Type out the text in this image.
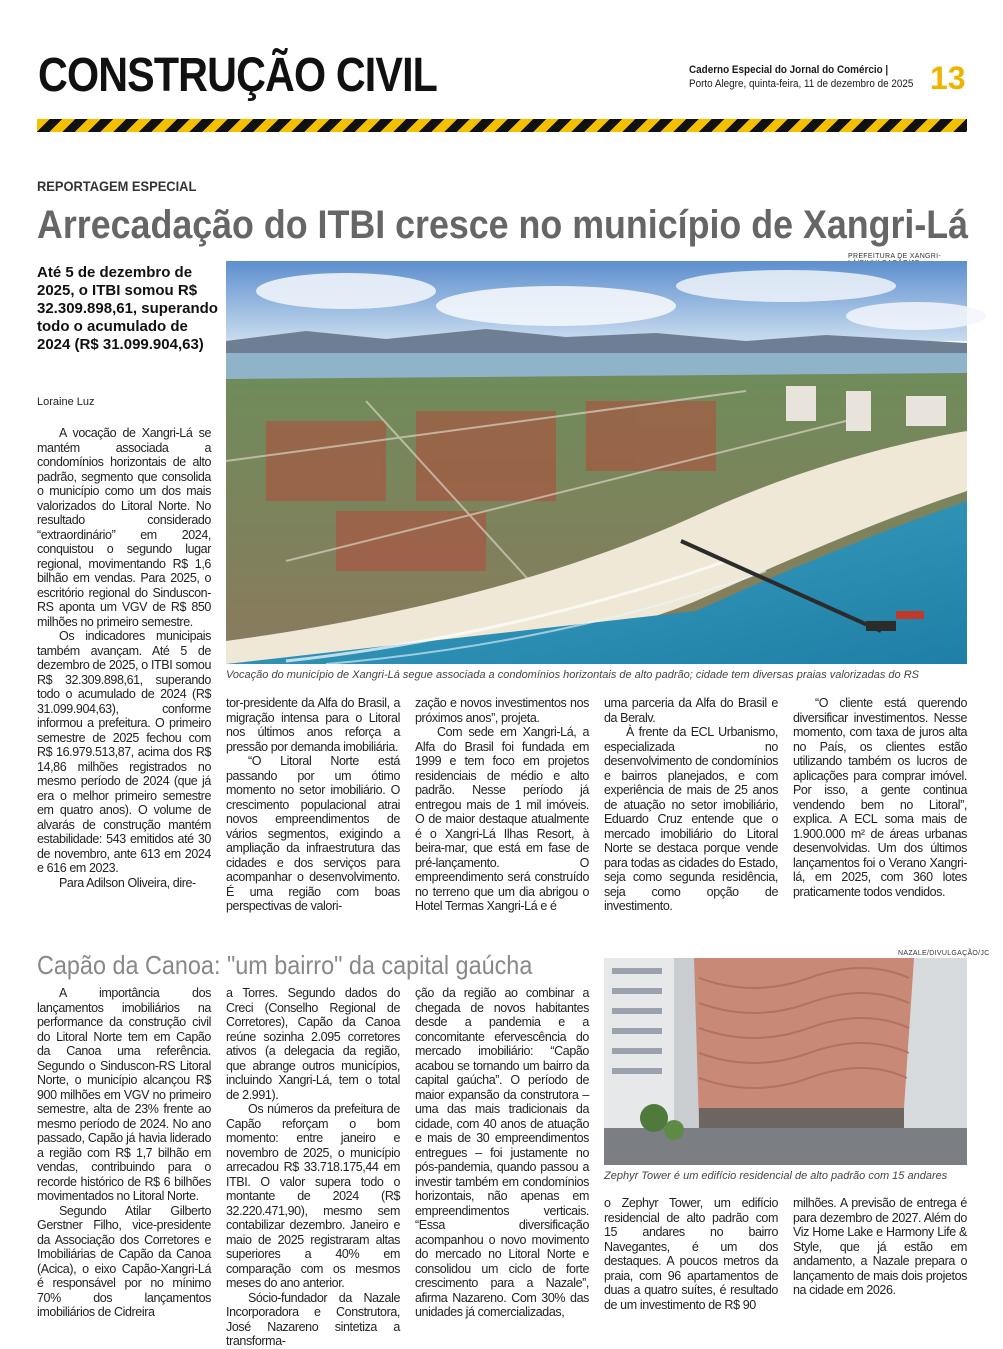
CONSTRUÇÃO CIVIL	Caderno Especial do Jornal do Comércio |
Porto Alegre, quinta-feira, 11 de dezembro de 2025 13
REPORTAGEM ESPECIAL
Arrecadação do ITBI cresce no município de Xangri-Lá
Até 5 de dezembro de 2025, o ITBI somou R$ 32.309.898,61, superando todo o acumulado de 2024 (R$ 31.099.904,63)
Loraine Luz

A vocação de Xangri-Lá se mantém associada a condomínios horizontais de alto padrão, segmento que consolida o município como um dos mais valorizados do Litoral Norte. No resultado considerado “extraordinário” em 2024, conquistou o segundo lugar regional, movimentando R$ 1,6 bilhão em vendas. Para 2025, o escritório regional do Sinduscon-RS aponta um VGV de R$ 850 milhões no primeiro semestre.

Os indicadores municipais também avançam. Até 5 de dezembro de 2025, o ITBI somou R$ 32.309.898,61, superando todo o acumulado de 2024 (R$ 31.099.904,63), conforme informou a prefeitura. O primeiro semestre de 2025 fechou com R$ 16.979.513,87, acima dos R$ 14,86 milhões registrados no mesmo período de 2024 (que já era o melhor primeiro semestre em quatro anos). O volume de alvarás de construção mantém estabilidade: 543 emitidos até 30 de novembro, ante 613 em 2024 e 616 em 2023.

Para Adilson Oliveira, dire-

PREFEITURA DE XANGRI-
Vocação do município de Xangri-Lá segue associada a condomínios horizontais de alto padrão; cidade tem diversas praias valorizadas do RS

tor-presidente da Alfa do Brasil, a migração intensa para o Litoral nos últimos anos reforça a pressão por demanda imobiliária.

“O Litoral Norte está passando por um ótimo momento no setor imobiliário. O crescimento populacional atrai novos empreendimentos de vários segmentos, exigindo a ampliação da infraestrutura das cidades e dos serviços para acompanhar o desenvolvimento. É uma região com boas perspectivas de valori-

zação e novos investimentos nos próximos anos”, projeta.

Com sede em Xangri-Lá, a Alfa do Brasil foi fundada em 1999 e tem foco em projetos residenciais de médio e alto padrão. Nesse período já entregou mais de 1 mil imóveis. O de maior destaque atualmente é o Xangri-Lá Ilhas Resort, à beira-mar, que está em fase de pré-lançamento. O empreendimento será construído no terreno que um dia abrigou o Hotel Termas Xangri-Lá e é

uma parceria da Alfa do Brasil e da Beralv.

À frente da ECL Urbanismo, especializada no desenvolvimento de condomínios e bairros planejados, e com experiência de mais de 25 anos de atuação no setor imobiliário, Eduardo Cruz entende que o mercado imobiliário do Litoral Norte se destaca porque vende para todas as cidades do Estado, seja como segunda residência, seja como opção de investimento.

“O cliente está querendo diversificar investimentos. Nesse momento, com taxa de juros alta no País, os clientes estão utilizando também os lucros de aplicações para comprar imóvel. Por isso, a gente continua vendendo bem no Litoral”, explica. A ECL soma mais de 1.900.000 m² de áreas urbanas desenvolvidas. Um dos últimos lançamentos foi o Verano Xangri-lá, em 2025, com 360 lotes praticamente todos vendidos.

Capão da Canoa: "um bairro" da capital gaúcha

A importância dos lançamentos imobiliários na performance da construção civil do Litoral Norte tem em Capão da Canoa uma referência. Segundo o Sinduscon-RS Litoral Norte, o município alcançou R$ 900 milhões em VGV no primeiro semestre, alta de 23% frente ao mesmo período de 2024. No ano passado, Capão já havia liderado a região com R$ 1,7 bilhão em vendas, contribuindo para o recorde histórico de R$ 6 bilhões movimentados no Litoral Norte.

Segundo Atilar Gilberto Gerstner Filho, vice-presidente da Associação dos Corretores e Imobiliárias de Capão da Canoa (Acica), o eixo Capão-Xangri-Lá é responsável por no mínimo 70% dos lançamentos imobiliários de Cidreira

a Torres. Segundo dados do Creci (Conselho Regional de Corretores), Capão da Canoa reúne sozinha 2.095 corretores ativos (a delegacia da região, que abrange outros municípios, incluindo Xangri-Lá, tem o total de 2.991).

Os números da prefeitura de Capão reforçam o bom momento: entre janeiro e novembro de 2025, o município arrecadou R$ 33.718.175,44 em ITBI. O valor supera todo o montante de 2024 (R$ 32.220.471,90), mesmo sem contabilizar dezembro. Janeiro e maio de 2025 registraram altas superiores a 40% em comparação com os mesmos meses do ano anterior.

Sócio-fundador da Nazale Incorporadora e Construtora, José Nazareno sintetiza a transforma-

ção da região ao combinar a chegada de novos habitantes desde a pandemia e a concomitante efervescência do mercado imobiliário: “Capão acabou se tornando um bairro da capital gaúcha”. O período de maior expansão da construtora – uma das mais tradicionais da cidade, com 40 anos de atuação e mais de 30 empreendimentos entregues – foi justamente no pós-pandemia, quando passou a investir também em condomínios horizontais, não apenas em empreendimentos verticais. “Essa diversificação acompanhou o novo movimento do mercado no Litoral Norte e consolidou um ciclo de forte crescimento para a Nazale”, afirma Nazareno. Com 30% das unidades já comercializadas,

NAZALE/DIVULGAÇÃO/JC
Zephyr Tower é um edifício residencial de alto padrão com 15 andares

o Zephyr Tower, um edifício residencial de alto padrão com 15 andares no bairro Navegantes, é um dos destaques. A poucos metros da praia, com 96 apartamentos de duas a quatro suítes, é resultado de um investimento de R$ 90

milhões. A previsão de entrega é para dezembro de 2027. Além do Viz Home Lake e Harmony Life & Style, que já estão em andamento, a Nazale prepara o lançamento de mais dois projetos na cidade em 2026.
